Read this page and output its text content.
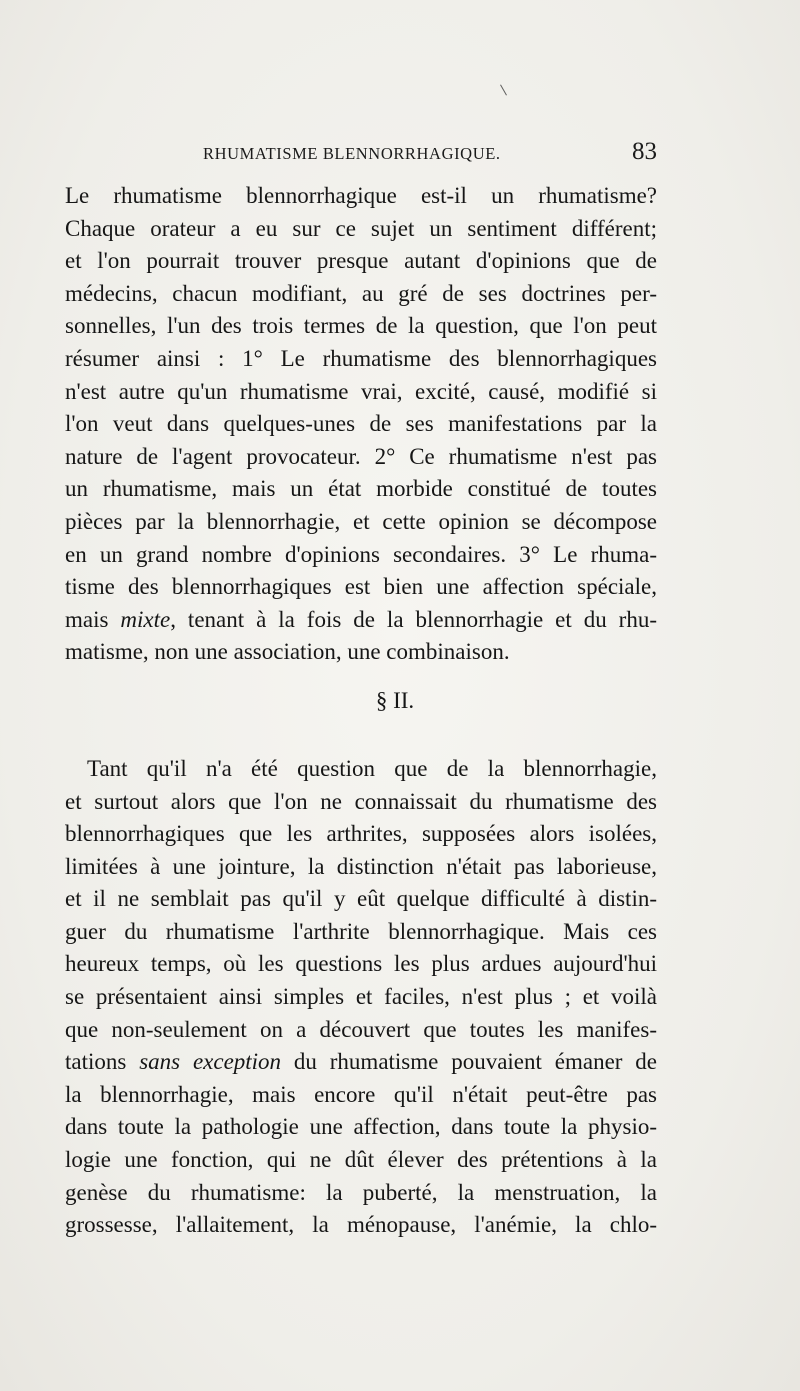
RHUMATISME BLENNORRHAGIQUE.	83
Le rhumatisme blennorrhagique est-il un rhumatisme?
Chaque orateur a eu sur ce sujet un sentiment différent;
et l'on pourrait trouver presque autant d'opinions que de
médecins, chacun modifiant, au gré de ses doctrines per-
sonnelles, l'un des trois termes de la question, que l'on peut
résumer ainsi : 1° Le rhumatisme des blennorrhagiques
n'est autre qu'un rhumatisme vrai, excité, causé, modifié si
l'on veut dans quelques-unes de ses manifestations par la
nature de l'agent provocateur. 2° Ce rhumatisme n'est pas
un rhumatisme, mais un état morbide constitué de toutes
pièces par la blennorrhagie, et cette opinion se décompose
en un grand nombre d'opinions secondaires. 3° Le rhuma-
tisme des blennorrhagiques est bien une affection spéciale,
mais mixte, tenant à la fois de la blennorrhagie et du rhu-
matisme, non une association, une combinaison.
§ II.
Tant qu'il n'a été question que de la blennorrhagie,
et surtout alors que l'on ne connaissait du rhumatisme des
blennorrhagiques que les arthrites, supposées alors isolées,
limitées à une jointure, la distinction n'était pas laborieuse,
et il ne semblait pas qu'il y eût quelque difficulté à distin-
guer du rhumatisme l'arthrite blennorrhagique. Mais ces
heureux temps, où les questions les plus ardues aujourd'hui
se présentaient ainsi simples et faciles, n'est plus ; et voilà
que non-seulement on a découvert que toutes les manifes-
tations sans exception du rhumatisme pouvaient émaner de
la blennorrhagie, mais encore qu'il n'était peut-être pas
dans toute la pathologie une affection, dans toute la physio-
logie une fonction, qui ne dût élever des prétentions à la
genèse du rhumatisme: la puberté, la menstruation, la
grossesse, l'allaitement, la ménopause, l'anémie, la chlo-
